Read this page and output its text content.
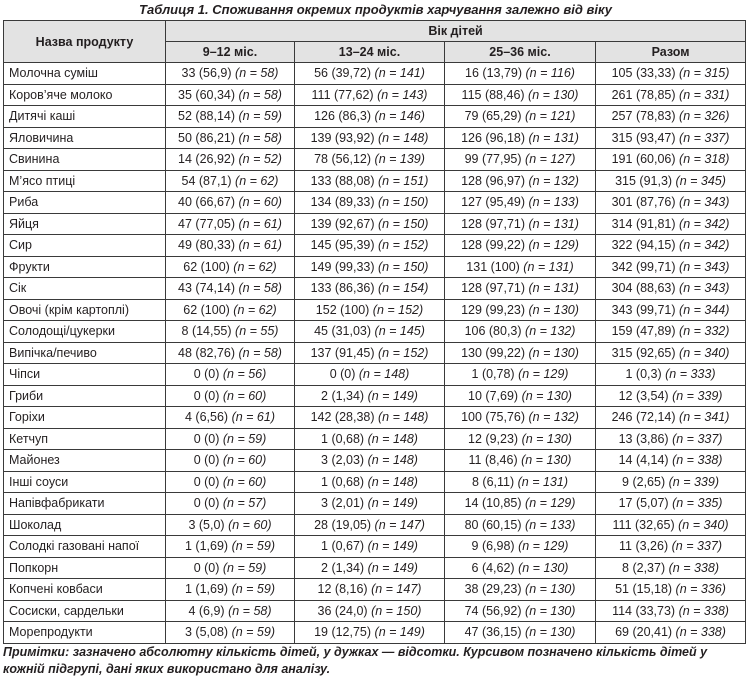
Таблиця 1. Споживання окремих продуктів харчування залежно від віку
Назва продукту	Вік дітей			
	9–12 міс.	13–24 міс.	25–36 міс.	Разом
Молочна суміш	33 (56,9) (n = 58)	56 (39,72) (n = 141)	16 (13,79) (n = 116)	105 (33,33) (n = 315)
Коров’яче молоко	35 (60,34) (n = 58)	111 (77,62) (n = 143)	115 (88,46) (n = 130)	261 (78,85) (n = 331)
Дитячі каші	52 (88,14) (n = 59)	126 (86,3) (n = 146)	79 (65,29) (n = 121)	257 (78,83) (n = 326)
Яловичина	50 (86,21) (n = 58)	139 (93,92) (n = 148)	126 (96,18) (n = 131)	315 (93,47) (n = 337)
Свинина	14 (26,92) (n = 52)	78 (56,12) (n = 139)	99 (77,95) (n = 127)	191 (60,06) (n = 318)
М’ясо птиці	54 (87,1) (n = 62)	133 (88,08) (n = 151)	128 (96,97) (n = 132)	315 (91,3) (n = 345)
Риба	40 (66,67) (n = 60)	134 (89,33) (n = 150)	127 (95,49) (n = 133)	301 (87,76) (n = 343)
Яйця	47 (77,05) (n = 61)	139 (92,67) (n = 150)	128 (97,71) (n = 131)	314 (91,81) (n = 342)
Сир	49 (80,33) (n = 61)	145 (95,39) (n = 152)	128 (99,22) (n = 129)	322 (94,15) (n = 342)
Фрукти	62 (100) (n = 62)	149 (99,33) (n = 150)	131 (100) (n = 131)	342 (99,71) (n = 343)
Сік	43 (74,14) (n = 58)	133 (86,36) (n = 154)	128 (97,71) (n = 131)	304 (88,63) (n = 343)
Овочі (крім картоплі)	62 (100) (n = 62)	152 (100) (n = 152)	129 (99,23) (n = 130)	343 (99,71) (n = 344)
Солодощі/цукерки	8 (14,55) (n = 55)	45 (31,03) (n = 145)	106 (80,3) (n = 132)	159 (47,89) (n = 332)
Випічка/печиво	48 (82,76) (n = 58)	137 (91,45) (n = 152)	130 (99,22) (n = 130)	315 (92,65) (n = 340)
Чіпси	0 (0) (n = 56)	0 (0) (n = 148)	1 (0,78) (n = 129)	1 (0,3) (n = 333)
Гриби	0 (0) (n = 60)	2 (1,34) (n = 149)	10 (7,69) (n = 130)	12 (3,54) (n = 339)
Горіхи	4 (6,56) (n = 61)	142 (28,38) (n = 148)	100 (75,76) (n = 132)	246 (72,14) (n = 341)
Кетчуп	0 (0) (n = 59)	1 (0,68) (n = 148)	12 (9,23) (n = 130)	13 (3,86) (n = 337)
Майонез	0 (0) (n = 60)	3 (2,03) (n = 148)	11 (8,46) (n = 130)	14 (4,14) (n = 338)
Інші соуси	0 (0) (n = 60)	1 (0,68) (n = 148)	8 (6,11) (n = 131)	9 (2,65) (n = 339)
Напівфабрикати	0 (0) (n = 57)	3 (2,01) (n = 149)	14 (10,85) (n = 129)	17 (5,07) (n = 335)
Шоколад	3 (5,0) (n = 60)	28 (19,05) (n = 147)	80 (60,15) (n = 133)	111 (32,65) (n = 340)
Солодкі газовані напої	1 (1,69) (n = 59)	1 (0,67) (n = 149)	9 (6,98) (n = 129)	11 (3,26) (n = 337)
Попкорн	0 (0) (n = 59)	2 (1,34) (n = 149)	6 (4,62) (n = 130)	8 (2,37) (n = 338)
Копчені ковбаси	1 (1,69) (n = 59)	12 (8,16) (n = 147)	38 (29,23) (n = 130)	51 (15,18) (n = 336)
Сосиски, сардельки	4 (6,9) (n = 58)	36 (24,0) (n = 150)	74 (56,92) (n = 130)	114 (33,73) (n = 338)
Морепродукти	3 (5,08) (n = 59)	19 (12,75) (n = 149)	47 (36,15) (n = 130)	69 (20,41) (n = 338)
Примітки: зазначено абсолютну кількість дітей, у дужках — відсотки. Курсивом позначено кількість дітей у кожній підгрупі, дані яких використано для аналізу.
